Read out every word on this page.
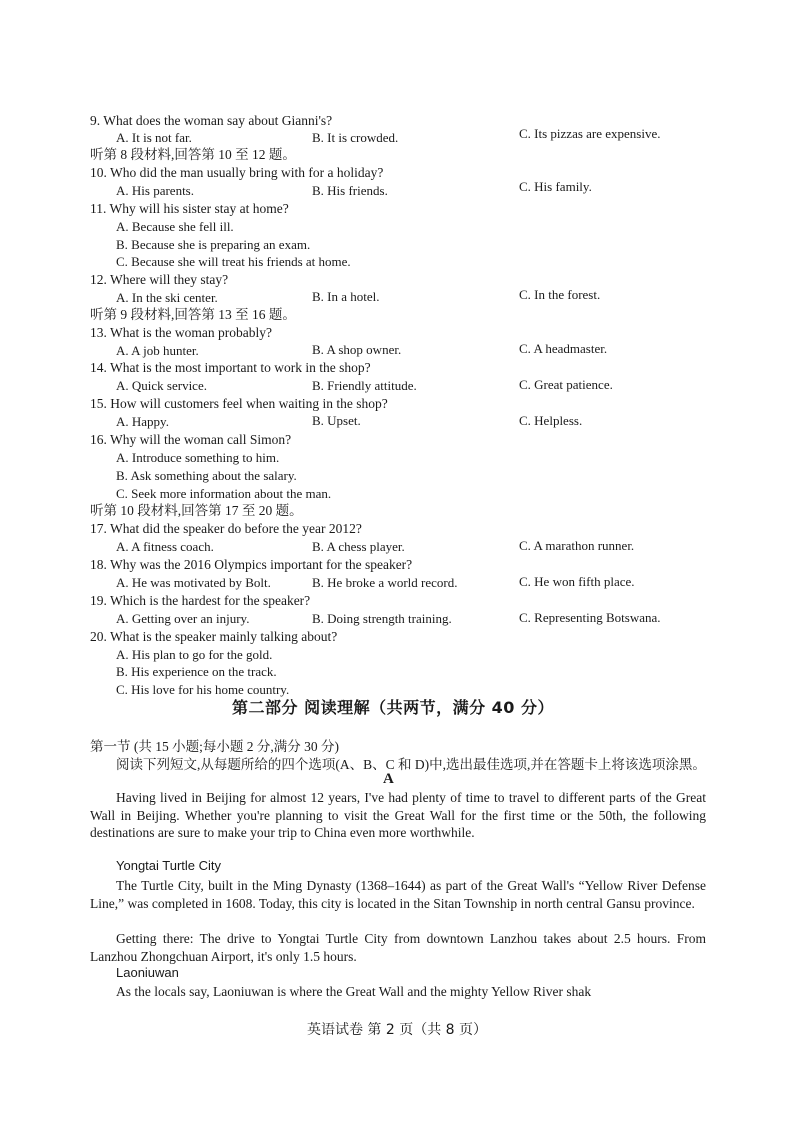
9. What does the woman say about Gianni's?
A. It is not far.	B. It is crowded.	C. Its pizzas are expensive.
听第 8 段材料,回答第 10 至 12 题。
10. Who did the man usually bring with for a holiday?
A. His parents.	B. His friends.	C. His family.
11. Why will his sister stay at home?
A. Because she fell ill.
B. Because she is preparing an exam.
C. Because she will treat his friends at home.
12. Where will they stay?
A. In the ski center.	B. In a hotel.	C. In the forest.
听第 9 段材料,回答第 13 至 16 题。
13. What is the woman probably?
A. A job hunter.	B. A shop owner.	C. A headmaster.
14. What is the most important to work in the shop?
A. Quick service.	B. Friendly attitude.	C. Great patience.
15. How will customers feel when waiting in the shop?
A. Happy.	B. Upset.	C. Helpless.
16. Why will the woman call Simon?
A. Introduce something to him.
B. Ask something about the salary.
C. Seek more information about the man.
听第 10 段材料,回答第 17 至 20 题。
17. What did the speaker do before the year 2012?
A. A fitness coach.	B. A chess player.	C. A marathon runner.
18. Why was the 2016 Olympics important for the speaker?
A. He was motivated by Bolt.	B. He broke a world record.	C. He won fifth place.
19. Which is the hardest for the speaker?
A. Getting over an injury.	B. Doing strength training.	C. Representing Botswana.
20. What is the speaker mainly talking about?
A. His plan to go for the gold.
B. His experience on the track.
C. His love for his home country.
第二部分 阅读理解（共两节，满分 40 分）
第一节 (共 15 小题;每小题 2 分,满分 30 分)
阅读下列短文,从每题所给的四个选项(A、B、C 和 D)中,选出最佳选项,并在答题卡上将该选项涂黑。
A

Having lived in Beijing for almost 12 years, I've had plenty of time to travel to different parts of the Great Wall in Beijing. Whether you're planning to visit the Great Wall for the first time or the 50th, the following destinations are sure to make your trip to China even more worthwhile.

Yongtai Turtle City

The Turtle City, built in the Ming Dynasty (1368–1644) as part of the Great Wall's “Yellow River Defense Line,” was completed in 1608. Today, this city is located in the Sitan Township in north central Gansu province.

Getting there: The drive to Yongtai Turtle City from downtown Lanzhou takes about 2.5 hours. From Lanzhou Zhongchuan Airport, it's only 1.5 hours.

Laoniuwan
As the locals say, Laoniuwan is where the Great Wall and the mighty Yellow River shak
英语试卷 第 2 页（共 8 页）
